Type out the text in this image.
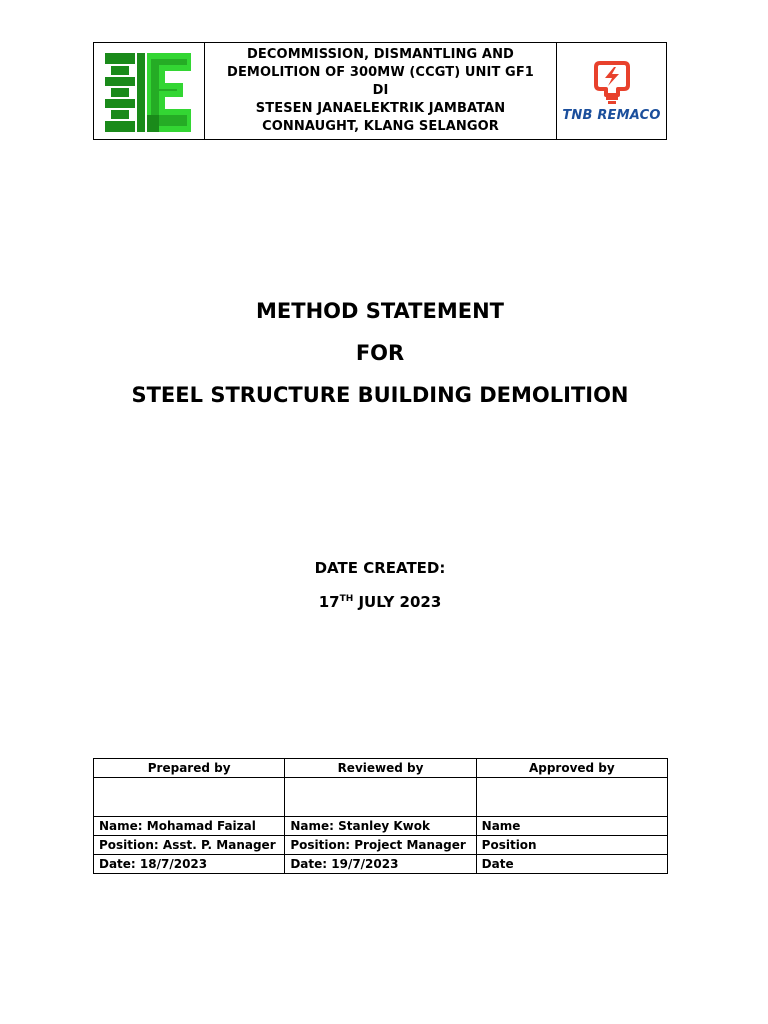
DECOMMISSION, DISMANTLING AND
DEMOLITION OF 300MW (CCGT) UNIT GF1 DI
STESEN JANAELEKTRIK JAMBATAN
CONNAUGHT, KLANG SELANGOR
TNB REMACO
METHOD STATEMENT
FOR
STEEL STRUCTURE BUILDING DEMOLITION
DATE CREATED:
17TH JULY 2023
Prepared by	Reviewed by	Approved by

Name: Mohamad Faizal	Name: Stanley Kwok	Name
Position: Asst. P. Manager	Position: Project Manager	Position
Date: 18/7/2023	Date: 19/7/2023	Date
